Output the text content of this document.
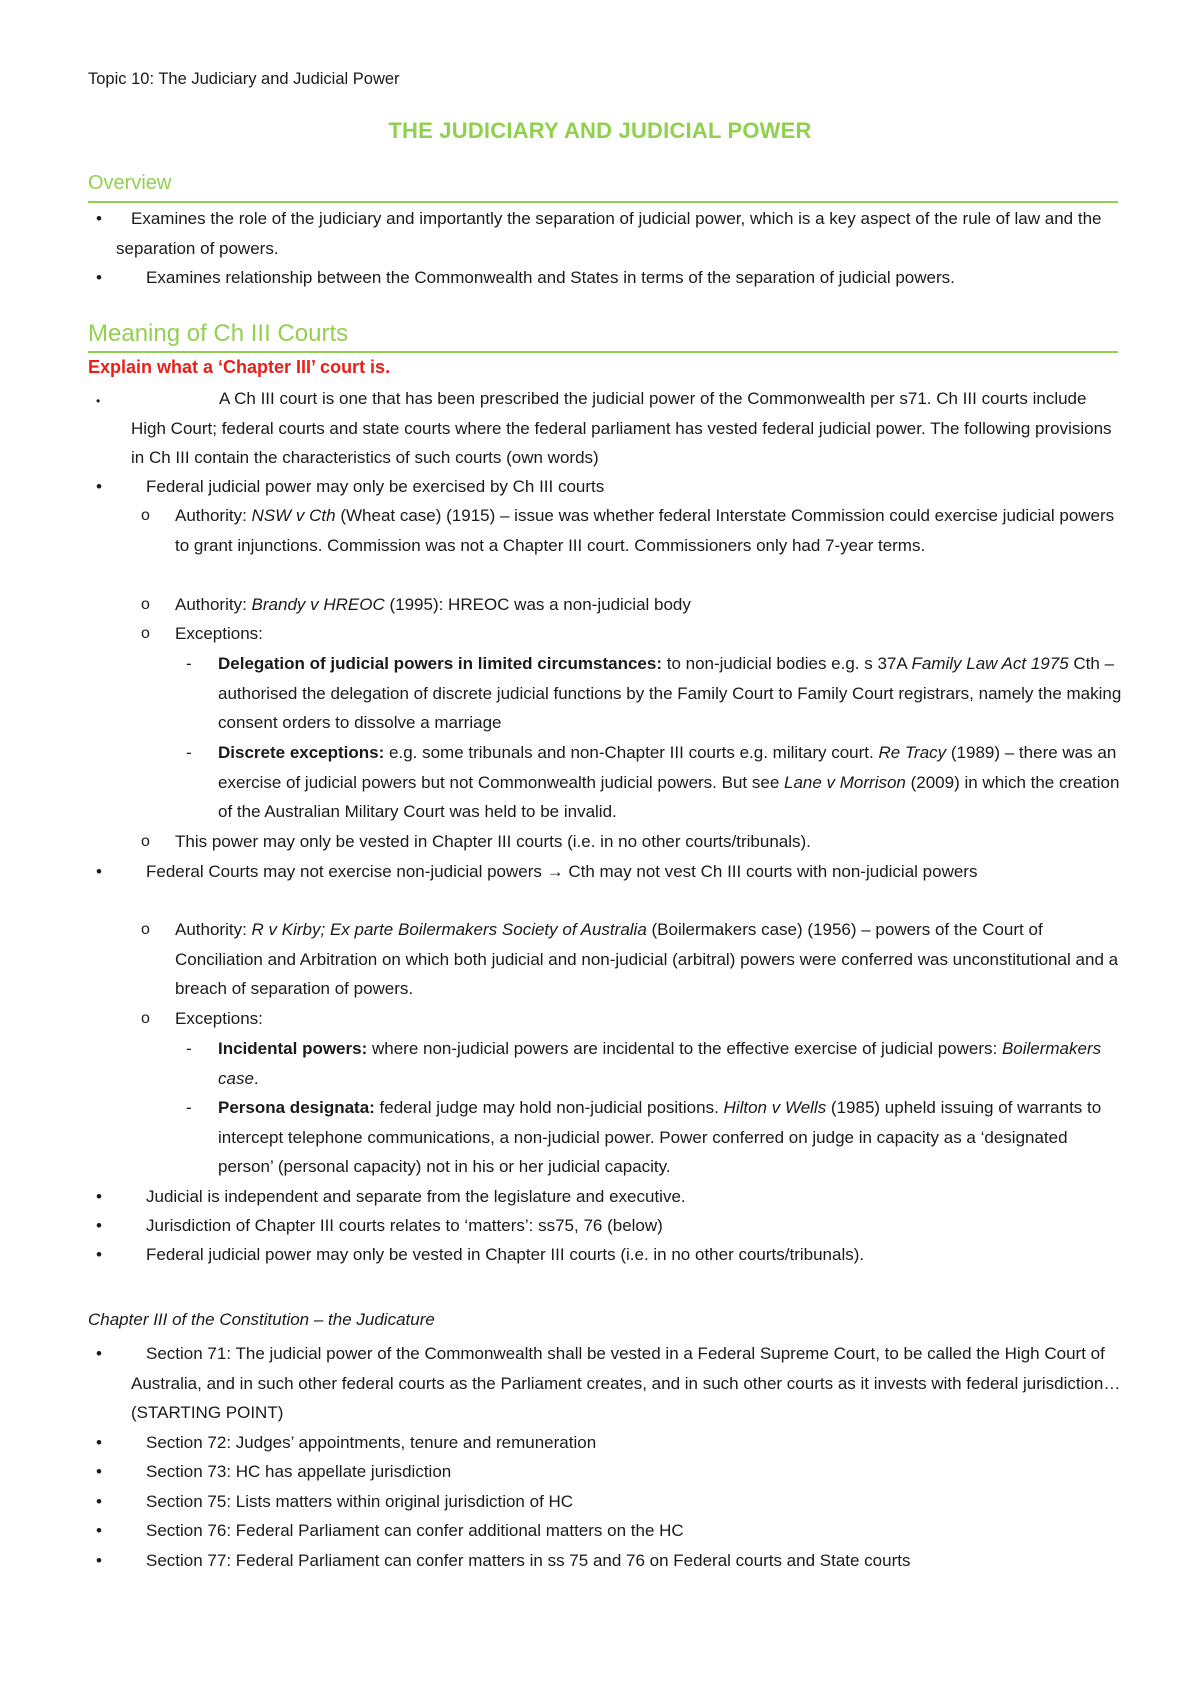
Topic 10: The Judiciary and Judicial Power
THE JUDICIARY AND JUDICIAL POWER
Overview
•	Examines the role of the judiciary and importantly the separation of judicial power, which is a key aspect of the rule of law and the separation of powers.
•	Examines relationship between the Commonwealth and States in terms of the separation of judicial powers.
Meaning of Ch III Courts
Explain what a ‘Chapter III’ court is.
•	A Ch III court is one that has been prescribed the judicial power of the Commonwealth per s71. Ch III courts include High Court; federal courts and state courts where the federal parliament has vested federal judicial power. The following provisions in Ch III contain the characteristics of such courts (own words)
•	Federal judicial power may only be exercised by Ch III courts
o Authority: NSW v Cth (Wheat case) (1915) – issue was whether federal Interstate Commission could exercise judicial powers to grant injunctions. Commission was not a Chapter III court. Commissioners only had 7-year terms.
o Authority: Brandy v HREOC (1995): HREOC was a non-judicial body
o Exceptions:
- Delegation of judicial powers in limited circumstances: to non-judicial bodies e.g. s 37A Family Law Act 1975 Cth – authorised the delegation of discrete judicial functions by the Family Court to Family Court registrars, namely the making consent orders to dissolve a marriage
- Discrete exceptions: e.g. some tribunals and non-Chapter III courts e.g. military court. Re Tracy (1989) – there was an exercise of judicial powers but not Commonwealth judicial powers. But see Lane v Morrison (2009) in which the creation of the Australian Military Court was held to be invalid.
o This power may only be vested in Chapter III courts (i.e. in no other courts/tribunals).
•	Federal Courts may not exercise non-judicial powers → Cth may not vest Ch III courts with non-judicial powers
o Authority: R v Kirby; Ex parte Boilermakers Society of Australia (Boilermakers case) (1956) – powers of the Court of Conciliation and Arbitration on which both judicial and non-judicial (arbitral) powers were conferred was unconstitutional and a breach of separation of powers.
o Exceptions:
- Incidental powers: where non-judicial powers are incidental to the effective exercise of judicial powers: Boilermakers case.
- Persona designata: federal judge may hold non-judicial positions. Hilton v Wells (1985) upheld issuing of warrants to intercept telephone communications, a non-judicial power. Power conferred on judge in capacity as a ‘designated person’ (personal capacity) not in his or her judicial capacity.
•	Judicial is independent and separate from the legislature and executive.
•	Jurisdiction of Chapter III courts relates to ‘matters’: ss75, 76 (below)
•	Federal judicial power may only be vested in Chapter III courts (i.e. in no other courts/tribunals).
Chapter III of the Constitution – the Judicature
•	Section 71: The judicial power of the Commonwealth shall be vested in a Federal Supreme Court, to be called the High Court of Australia, and in such other federal courts as the Parliament creates, and in such other courts as it invests with federal jurisdiction… (STARTING POINT)
•	Section 72: Judges’ appointments, tenure and remuneration
•	Section 73: HC has appellate jurisdiction
•	Section 75: Lists matters within original jurisdiction of HC
•	Section 76: Federal Parliament can confer additional matters on the HC
•	Section 77: Federal Parliament can confer matters in ss 75 and 76 on Federal courts and State courts
